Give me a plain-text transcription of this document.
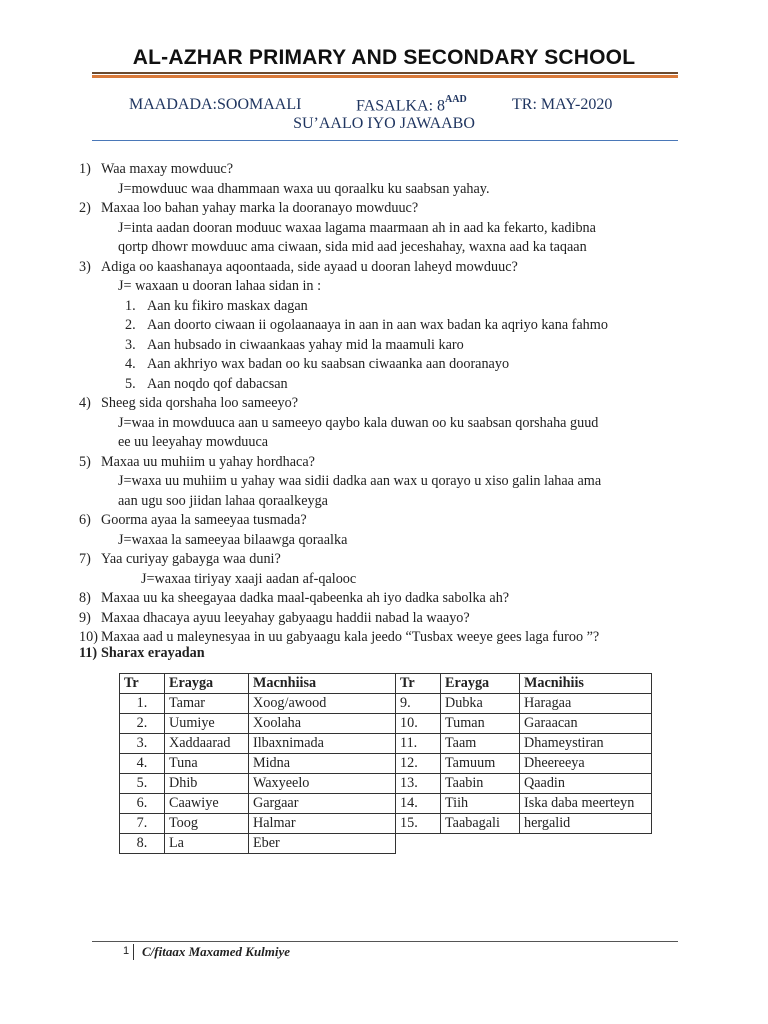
AL-AZHAR PRIMARY AND SECONDARY SCHOOL
MAADADA:SOOMAALI	FASALKA: $8^{AAD}$	TR: MAY-2020
SU’AALO IYO JAWAABO
1) Waa maxay mowduuc?
J=mowduuc waa dhammaan waxa uu qoraalku ku saabsan yahay.
2) Maxaa loo bahan yahay marka la dooranayo mowduuc?
J=inta aadan dooran moduuc waxaa lagama maarmaan ah in aad ka fekarto, kadibna
qortp dhowr mowduuc ama ciwaan, sida mid aad jeceshahay, waxna aad ka taqaan
3) Adiga oo kaashanaya aqoontaada, side ayaad u dooran laheyd mowduuc?
J= waxaan u dooran lahaa sidan in :
1. Aan ku fikiro maskax dagan
2. Aan doorto ciwaan ii ogolaanaaya in aan in aan wax badan ka aqriyo kana fahmo
3. Aan hubsado in ciwaankaas yahay mid la maamuli karo
4. Aan akhriyo wax badan oo ku saabsan ciwaanka aan dooranayo
5. Aan noqdo qof dabacsan
4) Sheeg sida qorshaha loo sameeyo?
J=waa in mowduuca aan u sameeyo qaybo kala duwan oo ku saabsan qorshaha guud
ee uu leeyahay mowduuca
5) Maxaa uu muhiim u yahay hordhaca?
J=waxa uu muhiim u yahay waa sidii dadka aan wax u qorayo u xiso galin lahaa ama
aan ugu soo jiidan lahaa qoraalkeyga
6) Goorma ayaa la sameeyaa tusmada?
J=waxaa la sameeyaa bilaawga qoraalka
7) Yaa curiyay gabayga waa duni?
J=waxaa tiriyay xaaji aadan af-qalooc
8) Maxaa uu ka sheegayaa dadka maal-qabeenka ah iyo dadka sabolka ah?
9) Maxaa dhacaya ayuu leeyahay gabyaagu haddii nabad la waayo?
10) Maxaa aad u maleynesyaa in uu gabyaagu kala jeedo “Tusbax weeye gees laga furoo ”?
11) Sharax erayadan
Tr	Erayga	Macnhiisa	Tr	Erayga	Macnihiis
1.	Tamar	Xoog/awood	9.	Dubka	Haragaa
2.	Uumiye	Xoolaha	10.	Tuman	Garaacan
3.	Xaddaarad	Ilbaxnimada	11.	Taam	Dhameystiran
4.	Tuna	Midna	12.	Tamuum	Dheereeya
5.	Dhib	Waxyeelo	13.	Taabin	Qaadin
6.	Caawiye	Gargaar	14.	Tiih	Iska daba meerteyn
7.	Toog	Halmar	15.	Taabagali	hergalid
8.	La	Eber			
1 C/fitaax Maxamed Kulmiye
